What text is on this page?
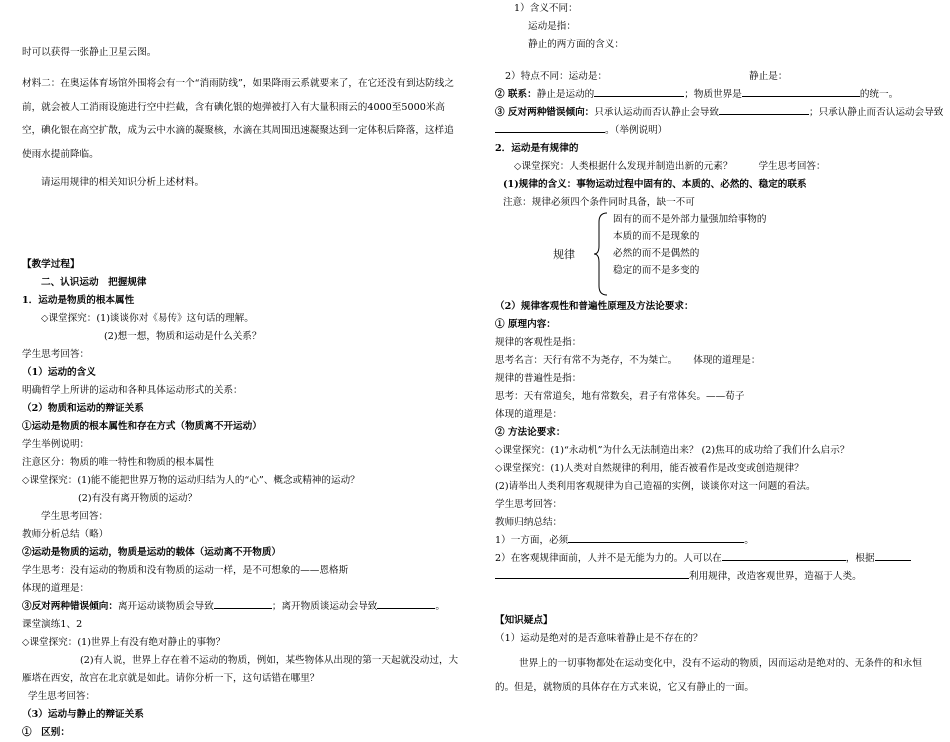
时可以获得一张静止卫星云图。

材料二：在奥运体育场馆外围将会有一个“消雨防线”，如果降雨云系就要来了，在它还没有到达防线之前，就会被人工消雨设施进行空中拦截，含有碘化银的炮弹被打入有大量积雨云的4000至5000米高空，碘化银在高空扩散，成为云中水滴的凝聚核，水滴在其周围迅速凝聚达到一定体积后降落，这样追使雨水提前降临。

请运用规律的相关知识分析上述材料。
【教学过程】
二、认识运动　把握规律
1．运动是物质的根本属性
◇课堂探究：(1)谈谈你对《易传》这句话的理解。
(2)想一想，物质和运动是什么关系？
学生思考回答：
（1）运动的含义
明确哲学上所讲的运动和各种具体运动形式的关系：
（2）物质和运动的辩证关系
①运动是物质的根本属性和存在方式（物质离不开运动）
学生举例说明：
注意区分：物质的唯一特性和物质的根本属性
◇课堂探究：(1)能不能把世界万物的运动归结为人的“心”、概念或精神的运动？
(2)有没有离开物质的运动？
学生思考回答：
教师分析总结（略）
②运动是物质的运动，物质是运动的载体（运动离不开物质）
学生思考：没有运动的物质和没有物质的运动一样，是不可想象的——恩格斯
体现的道理是：
③反对两种错误倾向：离开运动谈物质会导致	；离开物质谈运动会导致	。
课堂演练1、2
◇课堂探究：(1)世界上有没有绝对静止的事物？

(2)有人说，世界上存在着不运动的物质，例如，某些物体从出现的第一天起就没动过，大雁塔在西安，故宫在北京就是如此。请你分析一下，这句话错在哪里？

学生思考回答：
（3）运动与静止的辩证关系
①　区别：
1）含义不同：
运动是指：
静止的两方面的含义：
2）特点不同：运动是：	静止是：
② 联系：静止是运动的	；物质世界是	的统一。
③ 反对两种错误倾向：只承认运动而否认静止会导致	；只承认静止而否认运动会导致
。（举例说明）
2．运动是有规律的
◇课堂探究：人类根据什么发现并制造出新的元素？	学生思考回答：
(1)规律的含义：事物运动过程中固有的、本质的、必然的、稳定的联系
注意：规律必须四个条件同时具备，缺一不可
规律
固有的而不是外部力量强加给事物的
本质的而不是现象的
必然的而不是偶然的
稳定的而不是多变的
（2）规律客观性和普遍性原理及方法论要求：
① 原理内容：
规律的客观性是指：
思考名言：天行有常不为尧存，不为桀亡。 体现的道理是：
规律的普遍性是指：
思考：天有常道矣，地有常数矣，君子有常体矣。——荀子
体现的道理是：
② 方法论要求：
◇课堂探究：(1)“永动机”为什么无法制造出来？ (2)焦耳的成功给了我们什么启示？
◇课堂探究：(1)人类对自然规律的利用，能否被看作是改变或创造规律？
(2)请举出人类利用客观规律为自己造福的实例，谈谈你对这一问题的看法。
学生思考回答：
教师归纳总结：
1）一方面，必须	。
2）在客观规律面前，人并不是无能为力的。人可以在	，根据
利用规律，改造客观世界，造福于人类。
【知识疑点】
（1）运动是绝对的是否意味着静止是不存在的？

世界上的一切事物都处在运动变化中，没有不运动的物质，因而运动是绝对的、无条件的和永恒的。但是，就物质的具体存在方式来说，它又有静止的一面。
